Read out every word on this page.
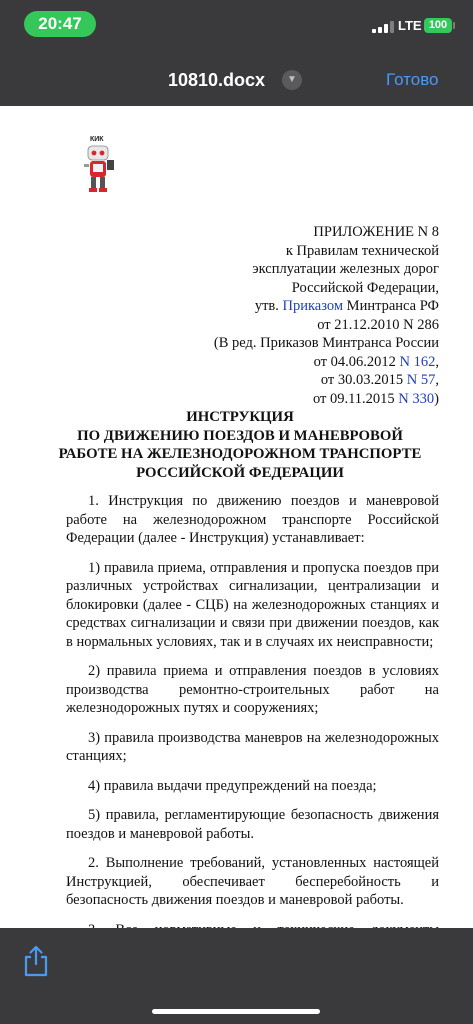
20:47	LTE 100
10810.docx	▼	Готово
КИК
ПРИЛОЖЕНИЕ N 8
к Правилам технической
эксплуатации железных дорог
Российской Федерации,
утв. Приказом Минтранса РФ
от 21.12.2010 N 286
(В ред. Приказов Минтранса России
от 04.06.2012 N 162,
от 30.03.2015 N 57,
от 09.11.2015 N 330)
ИНСТРУКЦИЯ
ПО ДВИЖЕНИЮ ПОЕЗДОВ И МАНЕВРОВОЙ
РАБОТЕ НА ЖЕЛЕЗНОДОРОЖНОМ ТРАНСПОРТЕ
РОССИЙСКОЙ ФЕДЕРАЦИИ

1. Инструкция по движению поездов и маневровой работе на железнодорожном транспорте Российской Федерации (далее - Инструкция) устанавливает:

1) правила приема, отправления и пропуска поездов при различных устройствах сигнализации, централизации и блокировки (далее - СЦБ) на железнодорожных станциях и средствах сигнализации и связи при движении поездов, как в нормальных условиях, так и в случаях их неисправности;

2) правила приема и отправления поездов в условиях производства ремонтно-строительных работ на железнодорожных путях и сооружениях;

3) правила производства маневров на железнодорожных станциях;

4) правила выдачи предупреждений на поезда;

5) правила, регламентирующие безопасность движения поездов и маневровой работы.

2. Выполнение требований, установленных настоящей Инструкцией, обеспечивает бесперебойность и безопасность движения поездов и маневровой работы.
